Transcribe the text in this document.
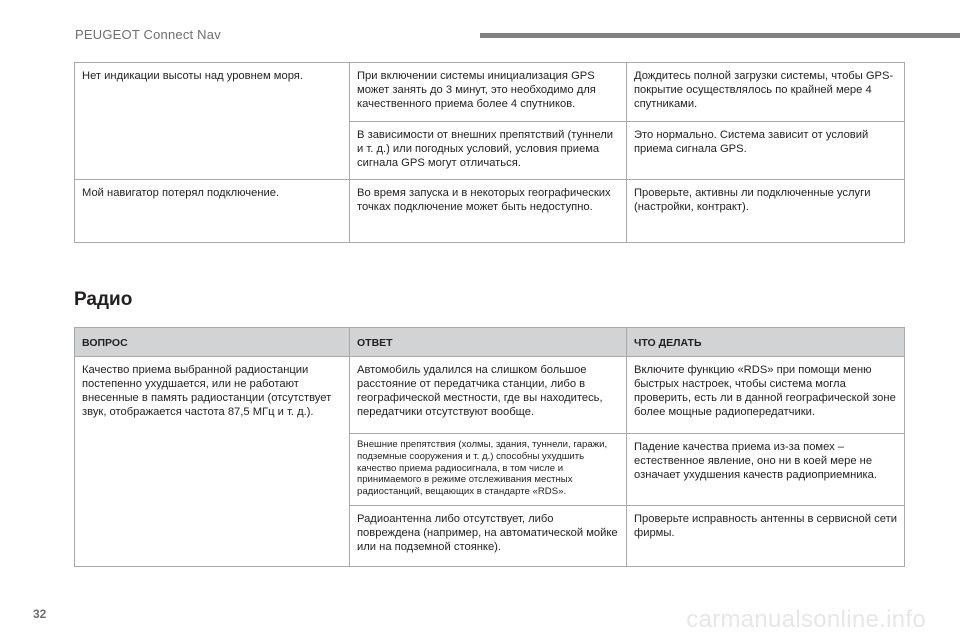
PEUGEOT Connect Nav
Нет индикации высоты над уровнем моря.	При включении системы инициализация GPS может занять до 3 минут, это необходимо для качественного приема более 4 спутников.	Дождитесь полной загрузки системы, чтобы GPS-покрытие осуществлялось по крайней мере 4 спутниками.
	В зависимости от внешних препятствий (туннели и т. д.) или погодных условий, условия приема сигнала GPS могут отличаться.	Это нормально. Система зависит от условий приема сигнала GPS.
Мой навигатор потерял подключение.	Во время запуска и в некоторых географических точках подключение может быть недоступно.	Проверьте, активны ли подключенные услуги (настройки, контракт).
Радио
ВОПРОС	ОТВЕТ	ЧТО ДЕЛАТЬ
Качество приема выбранной радиостанции постепенно ухудшается, или не работают внесенные в память радиостанции (отсутствует звук, отображается частота 87,5 МГц и т. д.).	Автомобиль удалился на слишком большое расстояние от передатчика станции, либо в географической местности, где вы находитесь, передатчики отсутствуют вообще.	Включите функцию «RDS» при помощи меню быстрых настроек, чтобы система могла проверить, есть ли в данной географической зоне более мощные радиопередатчики.
	Внешние препятствия (холмы, здания, туннели, гаражи, подземные сооружения и т. д.) способны ухудшить качество приема радиосигнала, в том числе и принимаемого в режиме отслеживания местных радиостанций, вещающих в стандарте «RDS».	Падение качества приема из-за помех – естественное явление, оно ни в коей мере не означает ухудшения качеств радиоприемника.
	Радиоантенна либо отсутствует, либо повреждена (например, на автоматической мойке или на подземной стоянке).	Проверьте исправность антенны в сервисной сети фирмы.
32	carmanualsonline.info
